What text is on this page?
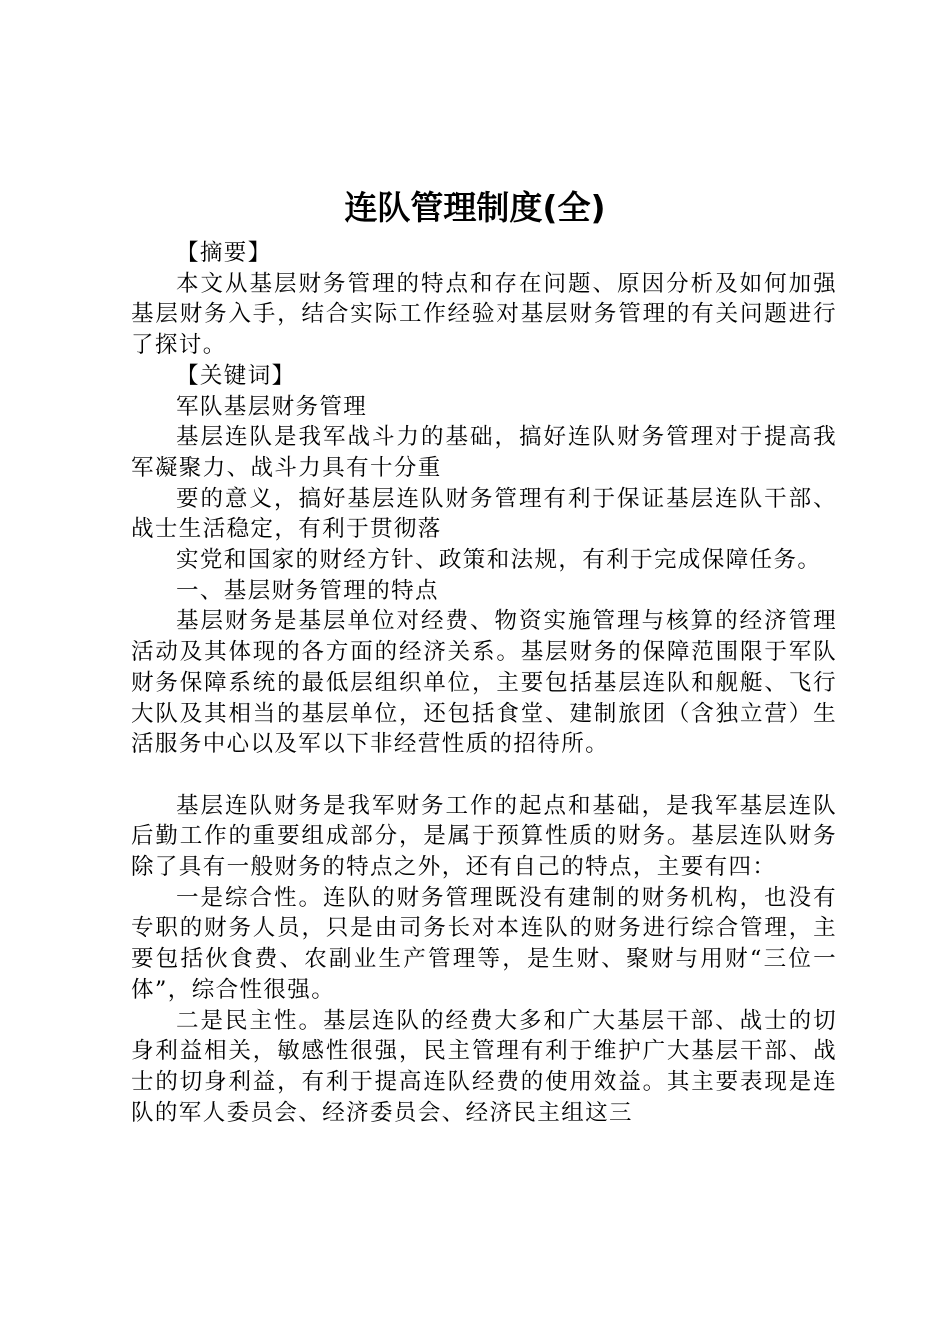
连队管理制度(全)

【摘要】

本文从基层财务管理的特点和存在问题、原因分析及如何加强基层财务入手，结合实际工作经验对基层财务管理的有关问题进行了探讨。

【关键词】

军队基层财务管理

基层连队是我军战斗力的基础，搞好连队财务管理对于提高我军凝聚力、战斗力具有十分重

要的意义，搞好基层连队财务管理有利于保证基层连队干部、战士生活稳定，有利于贯彻落

实党和国家的财经方针、政策和法规，有利于完成保障任务。

一、基层财务管理的特点

基层财务是基层单位对经费、物资实施管理与核算的经济管理活动及其体现的各方面的经济关系。基层财务的保障范围限于军队财务保障系统的最低层组织单位，主要包括基层连队和舰艇、飞行大队及其相当的基层单位，还包括食堂、建制旅团（含独立营）生活服务中心以及军以下非经营性质的招待所。

基层连队财务是我军财务工作的起点和基础，是我军基层连队后勤工作的重要组成部分，是属于预算性质的财务。基层连队财务除了具有一般财务的特点之外，还有自己的特点，主要有四：

一是综合性。连队的财务管理既没有建制的财务机构，也没有专职的财务人员，只是由司务长对本连队的财务进行综合管理，主要包括伙食费、农副业生产管理等，是生财、聚财与用财“三位一体”，综合性很强。

二是民主性。基层连队的经费大多和广大基层干部、战士的切身利益相关，敏感性很强，民主管理有利于维护广大基层干部、战士的切身利益，有利于提高连队经费的使用效益。其主要表现是连队的军人委员会、经济委员会、经济民主组这三
